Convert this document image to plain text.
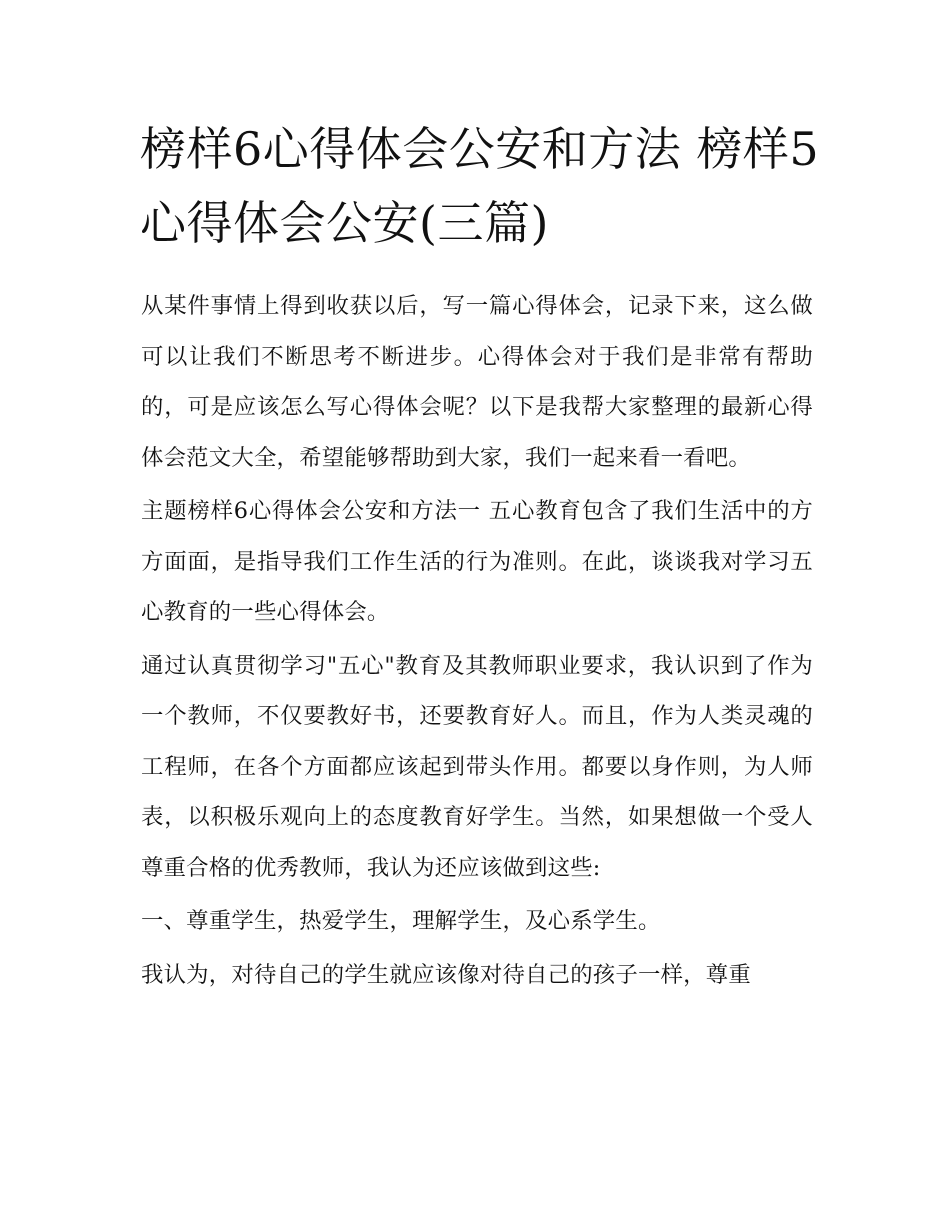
榜样6心得体会公安和方法 榜样5心得体会公安(三篇)

从某件事情上得到收获以后，写一篇心得体会，记录下来，这么做可以让我们不断思考不断进步。心得体会对于我们是非常有帮助的，可是应该怎么写心得体会呢？以下是我帮大家整理的最新心得体会范文大全，希望能够帮助到大家，我们一起来看一看吧。

主题榜样6心得体会公安和方法一 五心教育包含了我们生活中的方方面面，是指导我们工作生活的行为准则。在此，谈谈我对学习五心教育的一些心得体会。

通过认真贯彻学习"五心"教育及其教师职业要求，我认识到了作为一个教师，不仅要教好书，还要教育好人。而且，作为人类灵魂的工程师，在各个方面都应该起到带头作用。都要以身作则，为人师表，以积极乐观向上的态度教育好学生。当然，如果想做一个受人尊重合格的优秀教师，我认为还应该做到这些:

一、尊重学生，热爱学生，理解学生，及心系学生。

我认为，对待自己的学生就应该像对待自己的孩子一样，尊重
